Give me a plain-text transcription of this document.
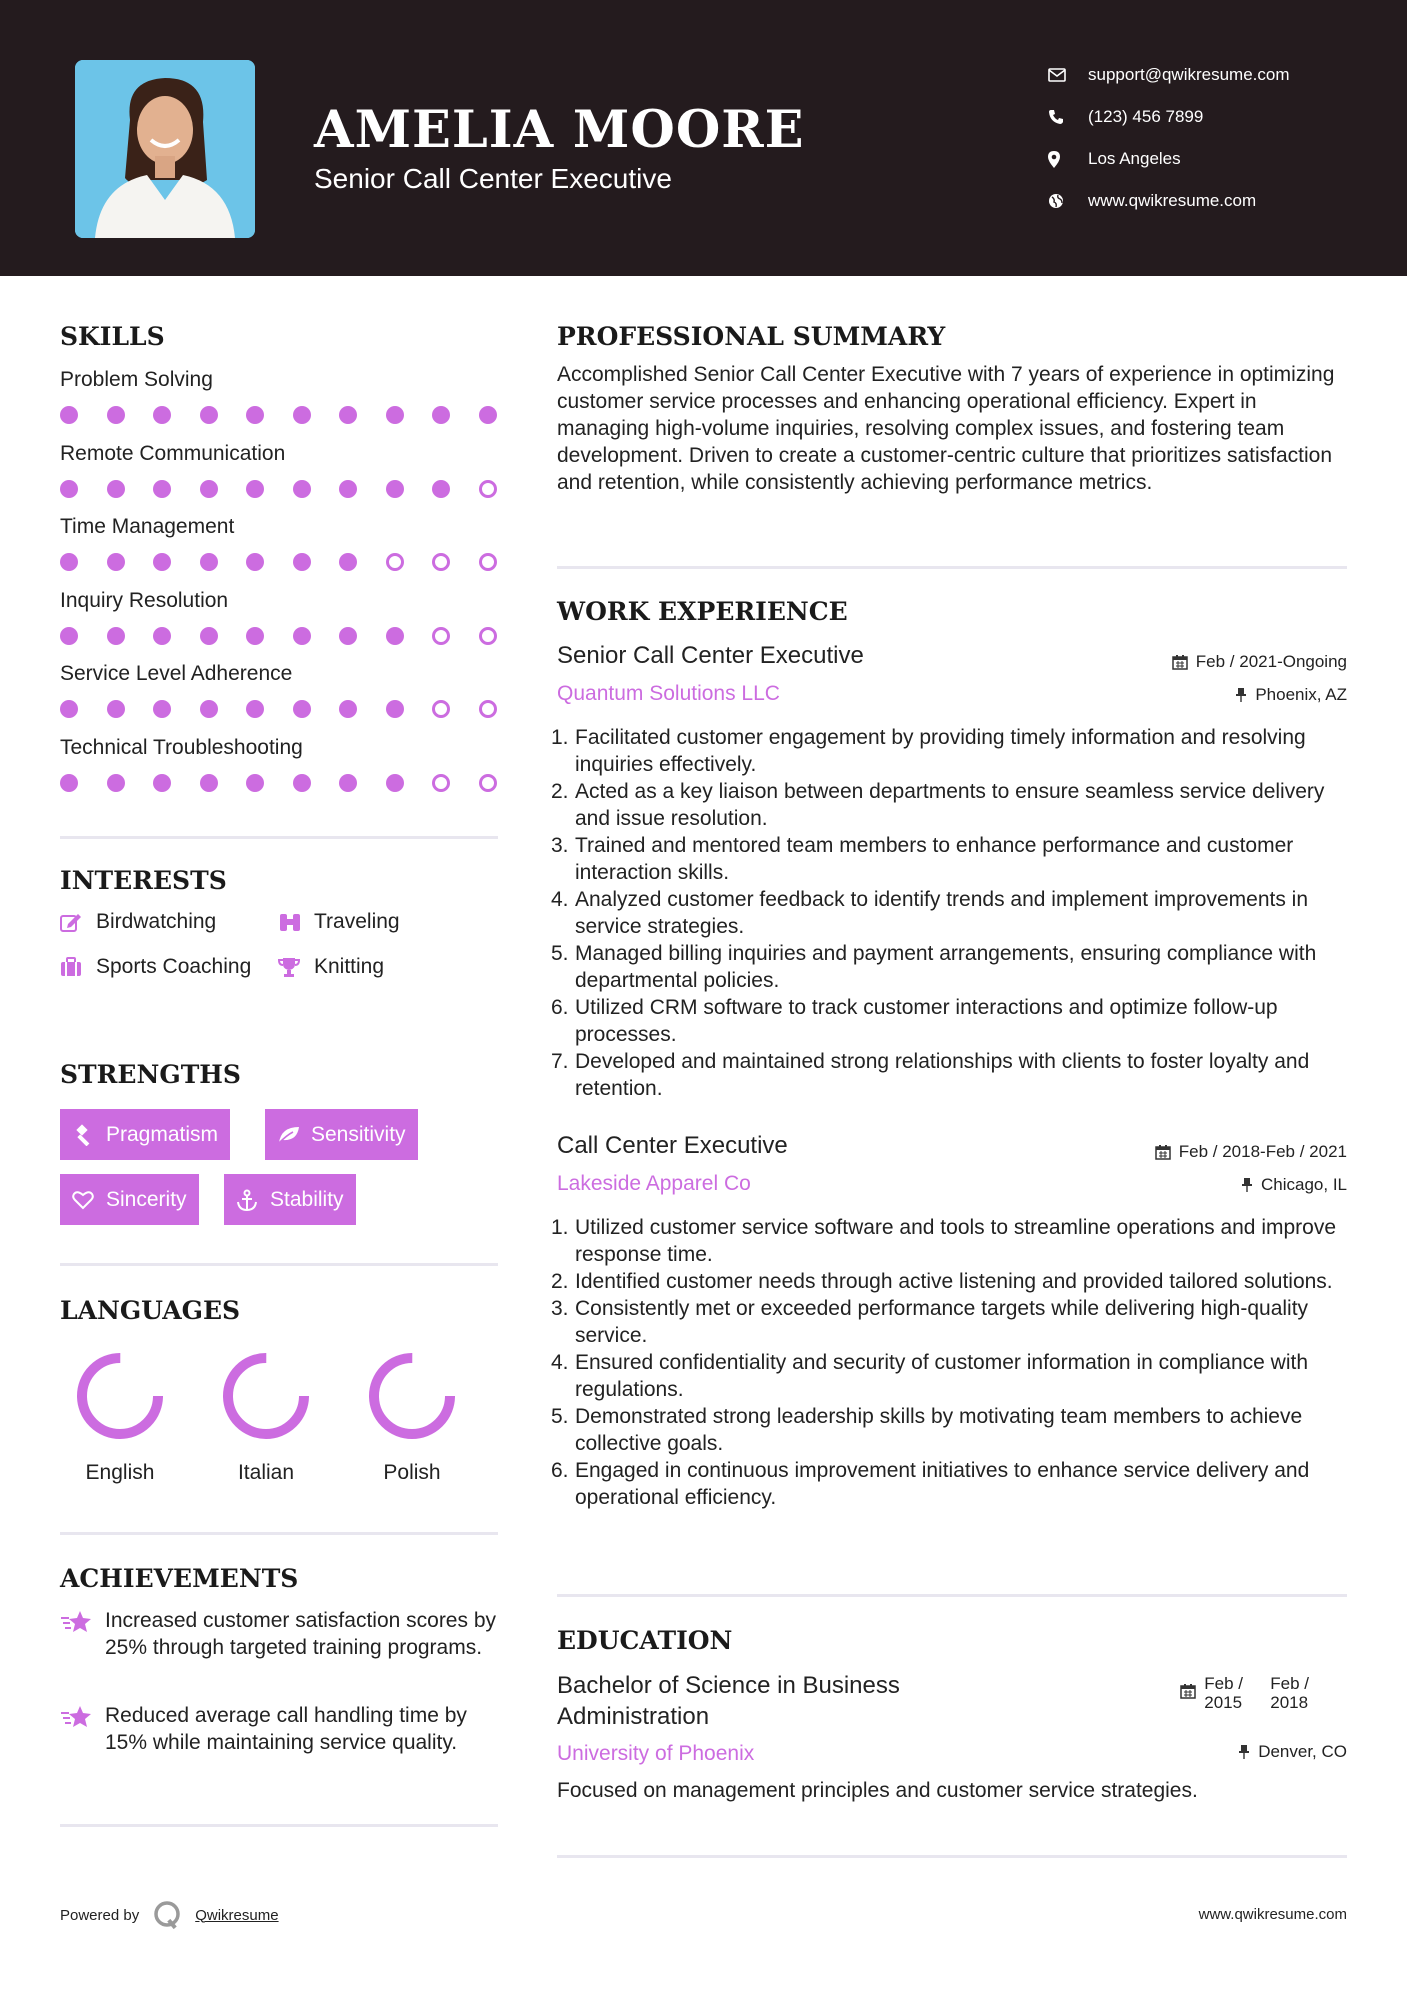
AMELIA MOORE
Senior Call Center Executive
support@qwikresume.com
(123) 456 7899
Los Angeles
www.qwikresume.com
SKILLS
Problem Solving
Remote Communication
Time Management
Inquiry Resolution
Service Level Adherence
Technical Troubleshooting
INTERESTS
Birdwatching	Traveling
Sports Coaching	Knitting
STRENGTHS
Pragmatism	Sensitivity
Sincerity	Stability
LANGUAGES
English	Italian	Polish
ACHIEVEMENTS
Increased customer satisfaction scores by 25% through targeted training programs.
Reduced average call handling time by 15% while maintaining service quality.
PROFESSIONAL SUMMARY
Accomplished Senior Call Center Executive with 7 years of experience in optimizing customer service processes and enhancing operational efficiency. Expert in managing high-volume inquiries, resolving complex issues, and fostering team development. Driven to create a customer-centric culture that prioritizes satisfaction and retention, while consistently achieving performance metrics.
WORK EXPERIENCE
Senior Call Center Executive
Quantum Solutions LLC
Feb / 2021-Ongoing
Phoenix, AZ
1. Facilitated customer engagement by providing timely information and resolving inquiries effectively.
2. Acted as a key liaison between departments to ensure seamless service delivery and issue resolution.
3. Trained and mentored team members to enhance performance and customer interaction skills.
4. Analyzed customer feedback to identify trends and implement improvements in service strategies.
5. Managed billing inquiries and payment arrangements, ensuring compliance with departmental policies.
6. Utilized CRM software to track customer interactions and optimize follow-up processes.
7. Developed and maintained strong relationships with clients to foster loyalty and retention.
Call Center Executive
Lakeside Apparel Co
Feb / 2018-Feb / 2021
Chicago, IL
1. Utilized customer service software and tools to streamline operations and improve response time.
2. Identified customer needs through active listening and provided tailored solutions.
3. Consistently met or exceeded performance targets while delivering high-quality service.
4. Ensured confidentiality and security of customer information in compliance with regulations.
5. Demonstrated strong leadership skills by motivating team members to achieve collective goals.
6. Engaged in continuous improvement initiatives to enhance service delivery and operational efficiency.
EDUCATION
Bachelor of Science in Business
Administration
University of Phoenix
Feb /
2015
Feb /
2018
Denver, CO
Focused on management principles and customer service strategies.
Powered by	Qwikresume	www.qwikresume.com
